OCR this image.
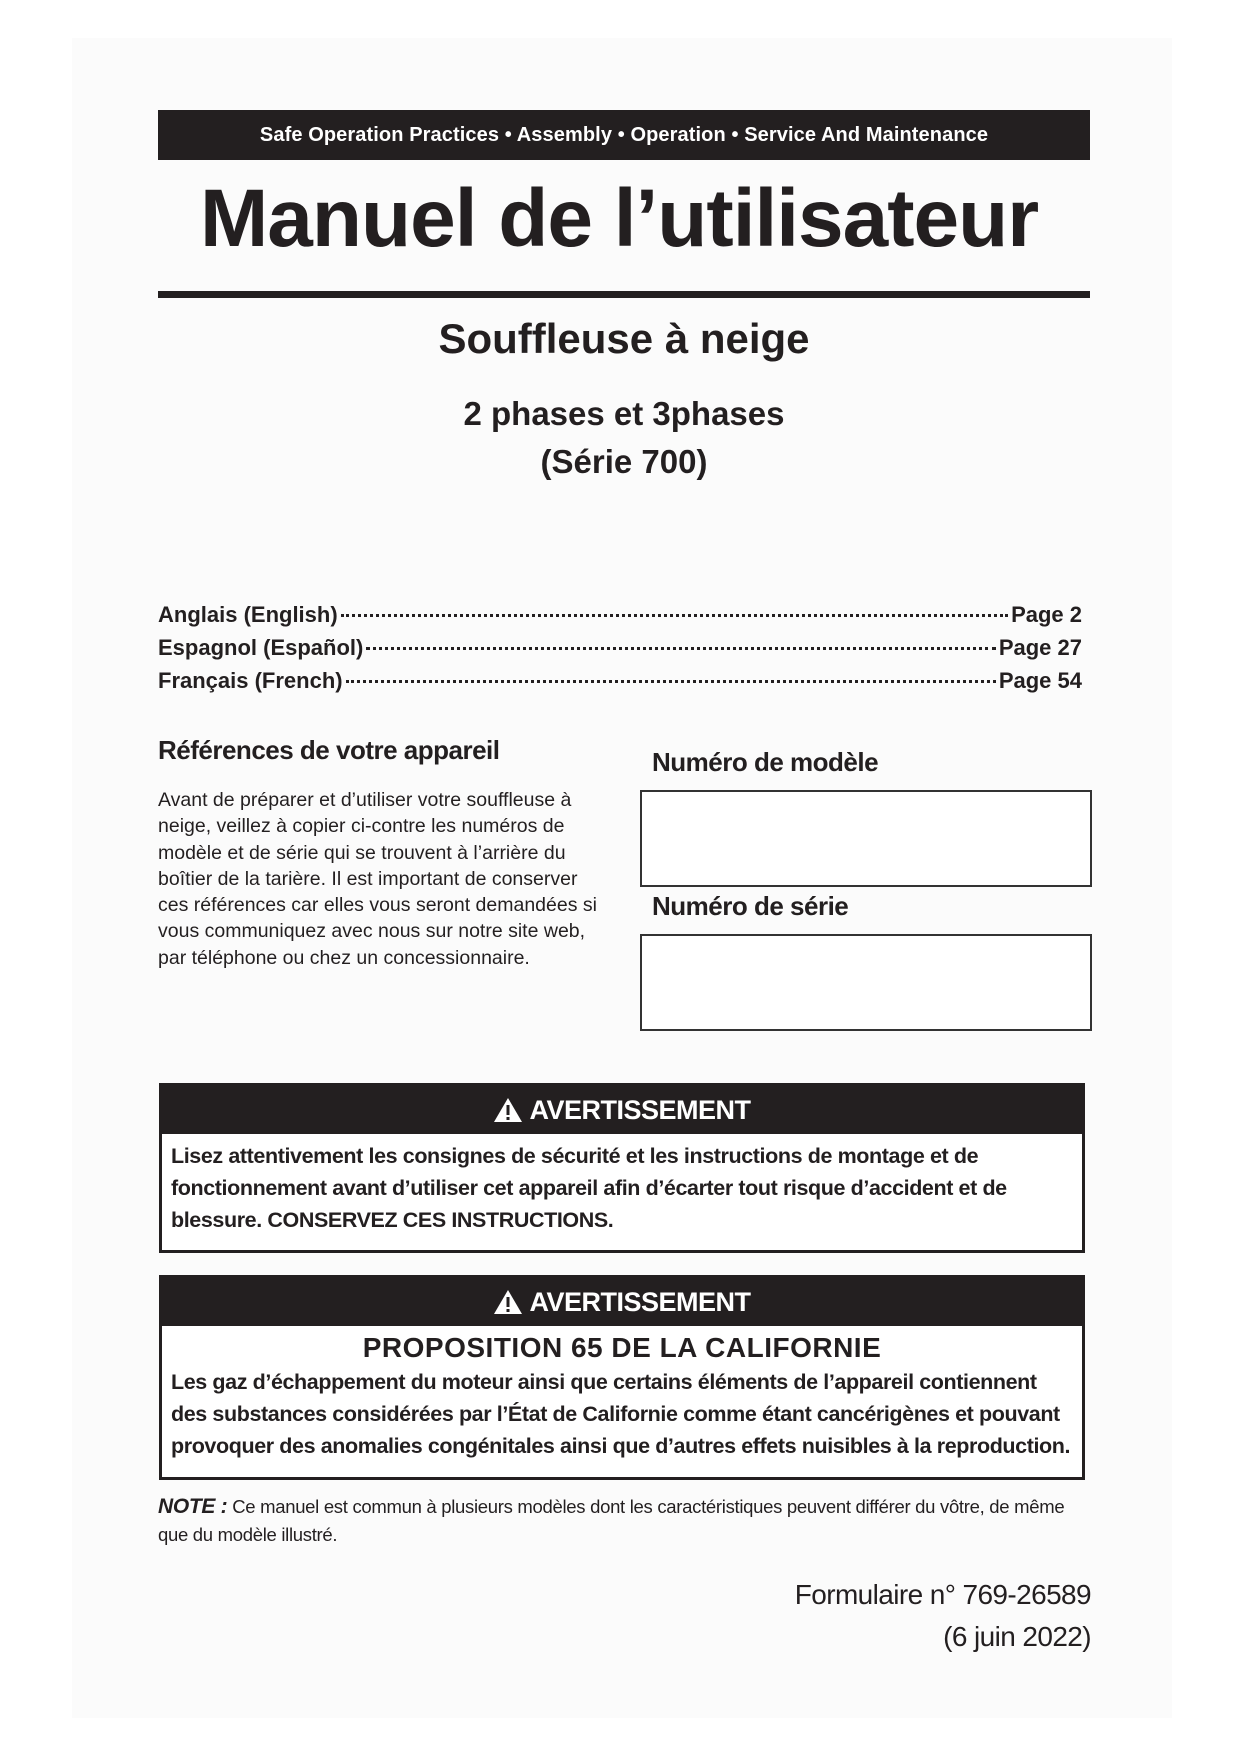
Safe Operation Practices • Assembly • Operation • Service And Maintenance
Manuel de l’utilisateur
Souffleuse à neige
2 phases et 3phases
(Série 700)
Anglais (English)	Page 2
Espagnol (Español)	Page 27
Français (French)	Page 54
Références de votre appareil
Avant de préparer et d’utiliser votre souffleuse à neige, veillez à copier ci-contre les numéros de modèle et de série qui se trouvent à l’arrière du boîtier de la tarière. Il est important de conserver ces références car elles vous seront demandées si vous communiquez avec nous sur notre site web, par téléphone ou chez un concessionnaire.
Numéro de modèle
Numéro de série
AVERTISSEMENT
Lisez attentivement les consignes de sécurité et les instructions de montage et de fonctionnement avant d’utiliser cet appareil afin d’écarter tout risque d’accident et de blessure. CONSERVEZ CES INSTRUCTIONS.
AVERTISSEMENT
PROPOSITION 65 DE LA CALIFORNIE
Les gaz d’échappement du moteur ainsi que certains éléments de l’appareil contiennent des substances considérées par l’État de Californie comme étant cancérigènes et pouvant provoquer des anomalies congénitales ainsi que d’autres effets nuisibles à la reproduction.
NOTE : Ce manuel est commun à plusieurs modèles dont les caractéristiques peuvent différer du vôtre, de même que du modèle illustré.
Formulaire n° 769-26589
(6 juin 2022)
